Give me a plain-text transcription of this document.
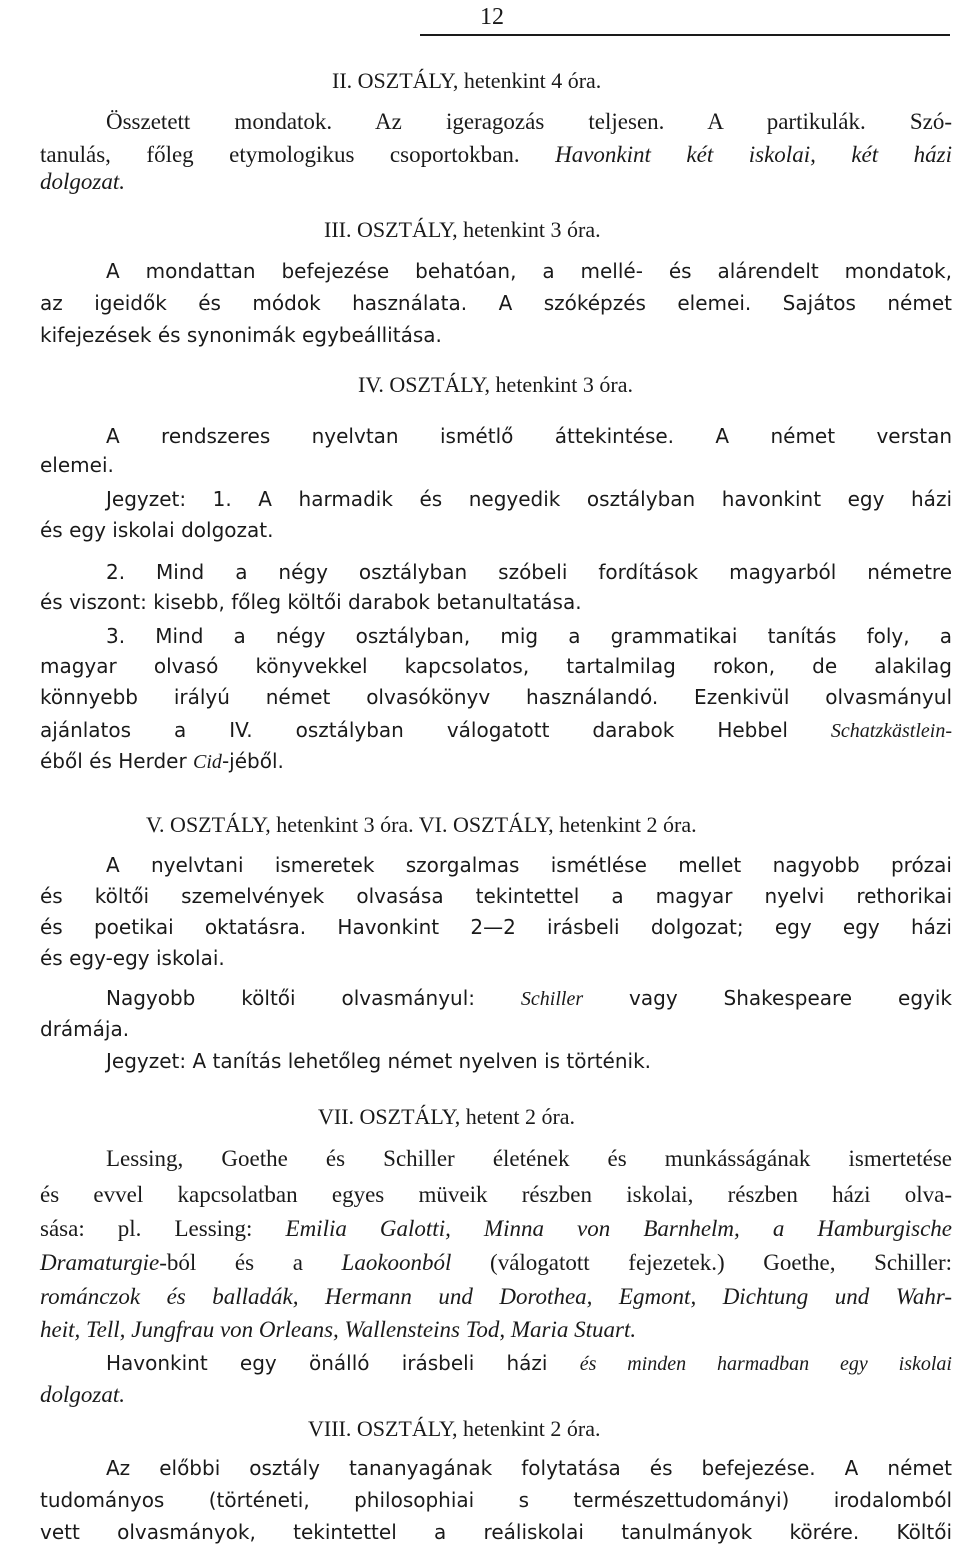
12
II. OSZTÁLY, hetenkint 4 óra.
Összetett mondatok. Az igeragozás teljesen. A partikulák. Szó-
tanulás, főleg etymologikus csoportokban. Havonkint két iskolai, két házi
dolgozat.
III. OSZTÁLY, hetenkint 3 óra.
A mondattan befejezése behatóan, a mellé- és alárendelt mondatok,
az igeidők és módok használata. A szóképzés elemei. Sajátos német
kifejezések és synonimák egybeállitása.
IV. OSZTÁLY, hetenkint 3 óra.
A rendszeres nyelvtan ismétlő áttekintése. A német verstan
elemei.
Jegyzet: 1. A harmadik és negyedik osztályban havonkint egy házi
és egy iskolai dolgozat.
2. Mind a négy osztályban szóbeli fordítások magyarból németre
és viszont: kisebb, főleg költői darabok betanultatása.
3. Mind a négy osztályban, mig a grammatikai tanítás foly, a
magyar olvasó könyvekkel kapcsolatos, tartalmilag rokon, de alakilag
könnyebb irályú német olvasókönyv használandó. Ezenkivül olvasmányul
ajánlatos a IV. osztályban válogatott darabok Hebbel Schatzkästlein-
éből és Herder Cid-jéből.
V. OSZTÁLY, hetenkint 3 óra. VI. OSZTÁLY, hetenkint 2 óra.
A nyelvtani ismeretek szorgalmas ismétlése mellet nagyobb prózai
és költői szemelvények olvasása tekintettel a magyar nyelvi rethorikai
és poetikai oktatásra. Havonkint 2—2 irásbeli dolgozat; egy egy házi
és egy-egy iskolai.
Nagyobb költői olvasmányul: Schiller vagy Shakespeare egyik
drámája.
Jegyzet: A tanítás lehetőleg német nyelven is történik.
VII. OSZTÁLY, hetent 2 óra.
Lessing, Goethe és Schiller életének és munkásságának ismertetése
és evvel kapcsolatban egyes müveik részben iskolai, részben házi olva-
sása: pl. Lessing: Emilia Galotti, Minna von Barnhelm, a Hamburgische
Dramaturgie-ból és a Laokoonból (válogatott fejezetek.) Goethe, Schiller:
románczok és balladák, Hermann und Dorothea, Egmont, Dichtung und Wahr-
heit, Tell, Jungfrau von Orleans, Wallensteins Tod, Maria Stuart.
Havonkint egy önálló irásbeli házi és minden harmadban egy iskolai
dolgozat.
VIII. OSZTÁLY, hetenkint 2 óra.
Az előbbi osztály tananyagának folytatása és befejezése. A német
tudományos (történeti, philosophiai s természettudományi) irodalomból
vett olvasmányok, tekintettel a reáliskolai tanulmányok körére. Költői
